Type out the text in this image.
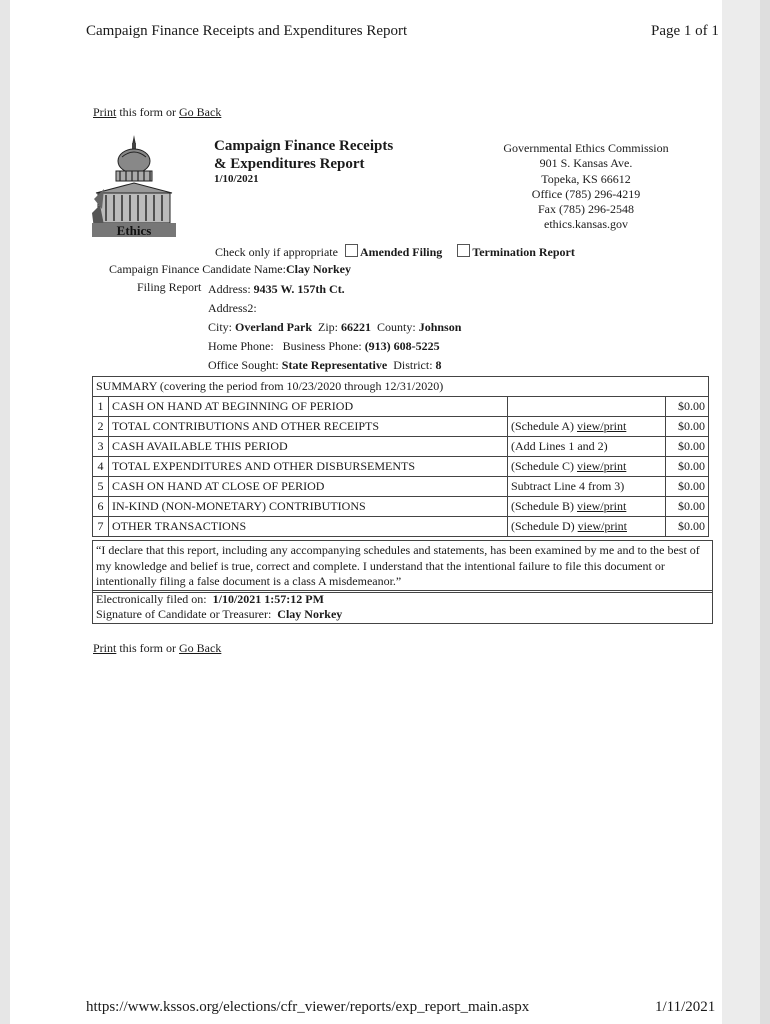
Campaign Finance Receipts and Expenditures Report	Page 1 of 1
Print this form or Go Back
Ethics
Campaign Finance Receipts
& Expenditures Report
1/10/2021
Governmental Ethics Commission
901 S. Kansas Ave.
Topeka, KS 66612
Office (785) 296-4219
Fax (785) 296-2548
ethics.kansas.gov
Check only if appropriate Amended Filing	Termination Report
Campaign Finance Candidate Name:Clay Norkey
Filing Report Address: 9435 W. 157th Ct.
Address2:
City: Overland Park Zip: 66221 County: Johnson
Home Phone: Business Phone: (913) 608-5225
Office Sought: State Representative District: 8
SUMMARY (covering the period from 10/23/2020 through 12/31/2020)			
1	CASH ON HAND AT BEGINNING OF PERIOD		$0.00
2	TOTAL CONTRIBUTIONS AND OTHER RECEIPTS	(Schedule A) view/print	$0.00
3	CASH AVAILABLE THIS PERIOD	(Add Lines 1 and 2)	$0.00
4	TOTAL EXPENDITURES AND OTHER DISBURSEMENTS	(Schedule C) view/print	$0.00
5	CASH ON HAND AT CLOSE OF PERIOD	Subtract Line 4 from 3)	$0.00
6	IN-KIND (NON-MONETARY) CONTRIBUTIONS	(Schedule B) view/print	$0.00
7	OTHER TRANSACTIONS	(Schedule D) view/print	$0.00
“I declare that this report, including any accompanying schedules and statements, has been examined by me and to the best of my knowledge and belief is true, correct and complete. I understand that the intentional failure to file this document or intentionally filing a false document is a class A misdemeanor.”
Electronically filed on: 1/10/2021 1:57:12 PM
Signature of Candidate or Treasurer: Clay Norkey
Print this form or Go Back
https://www.kssos.org/elections/cfr_viewer/reports/exp_report_main.aspx	1/11/2021
